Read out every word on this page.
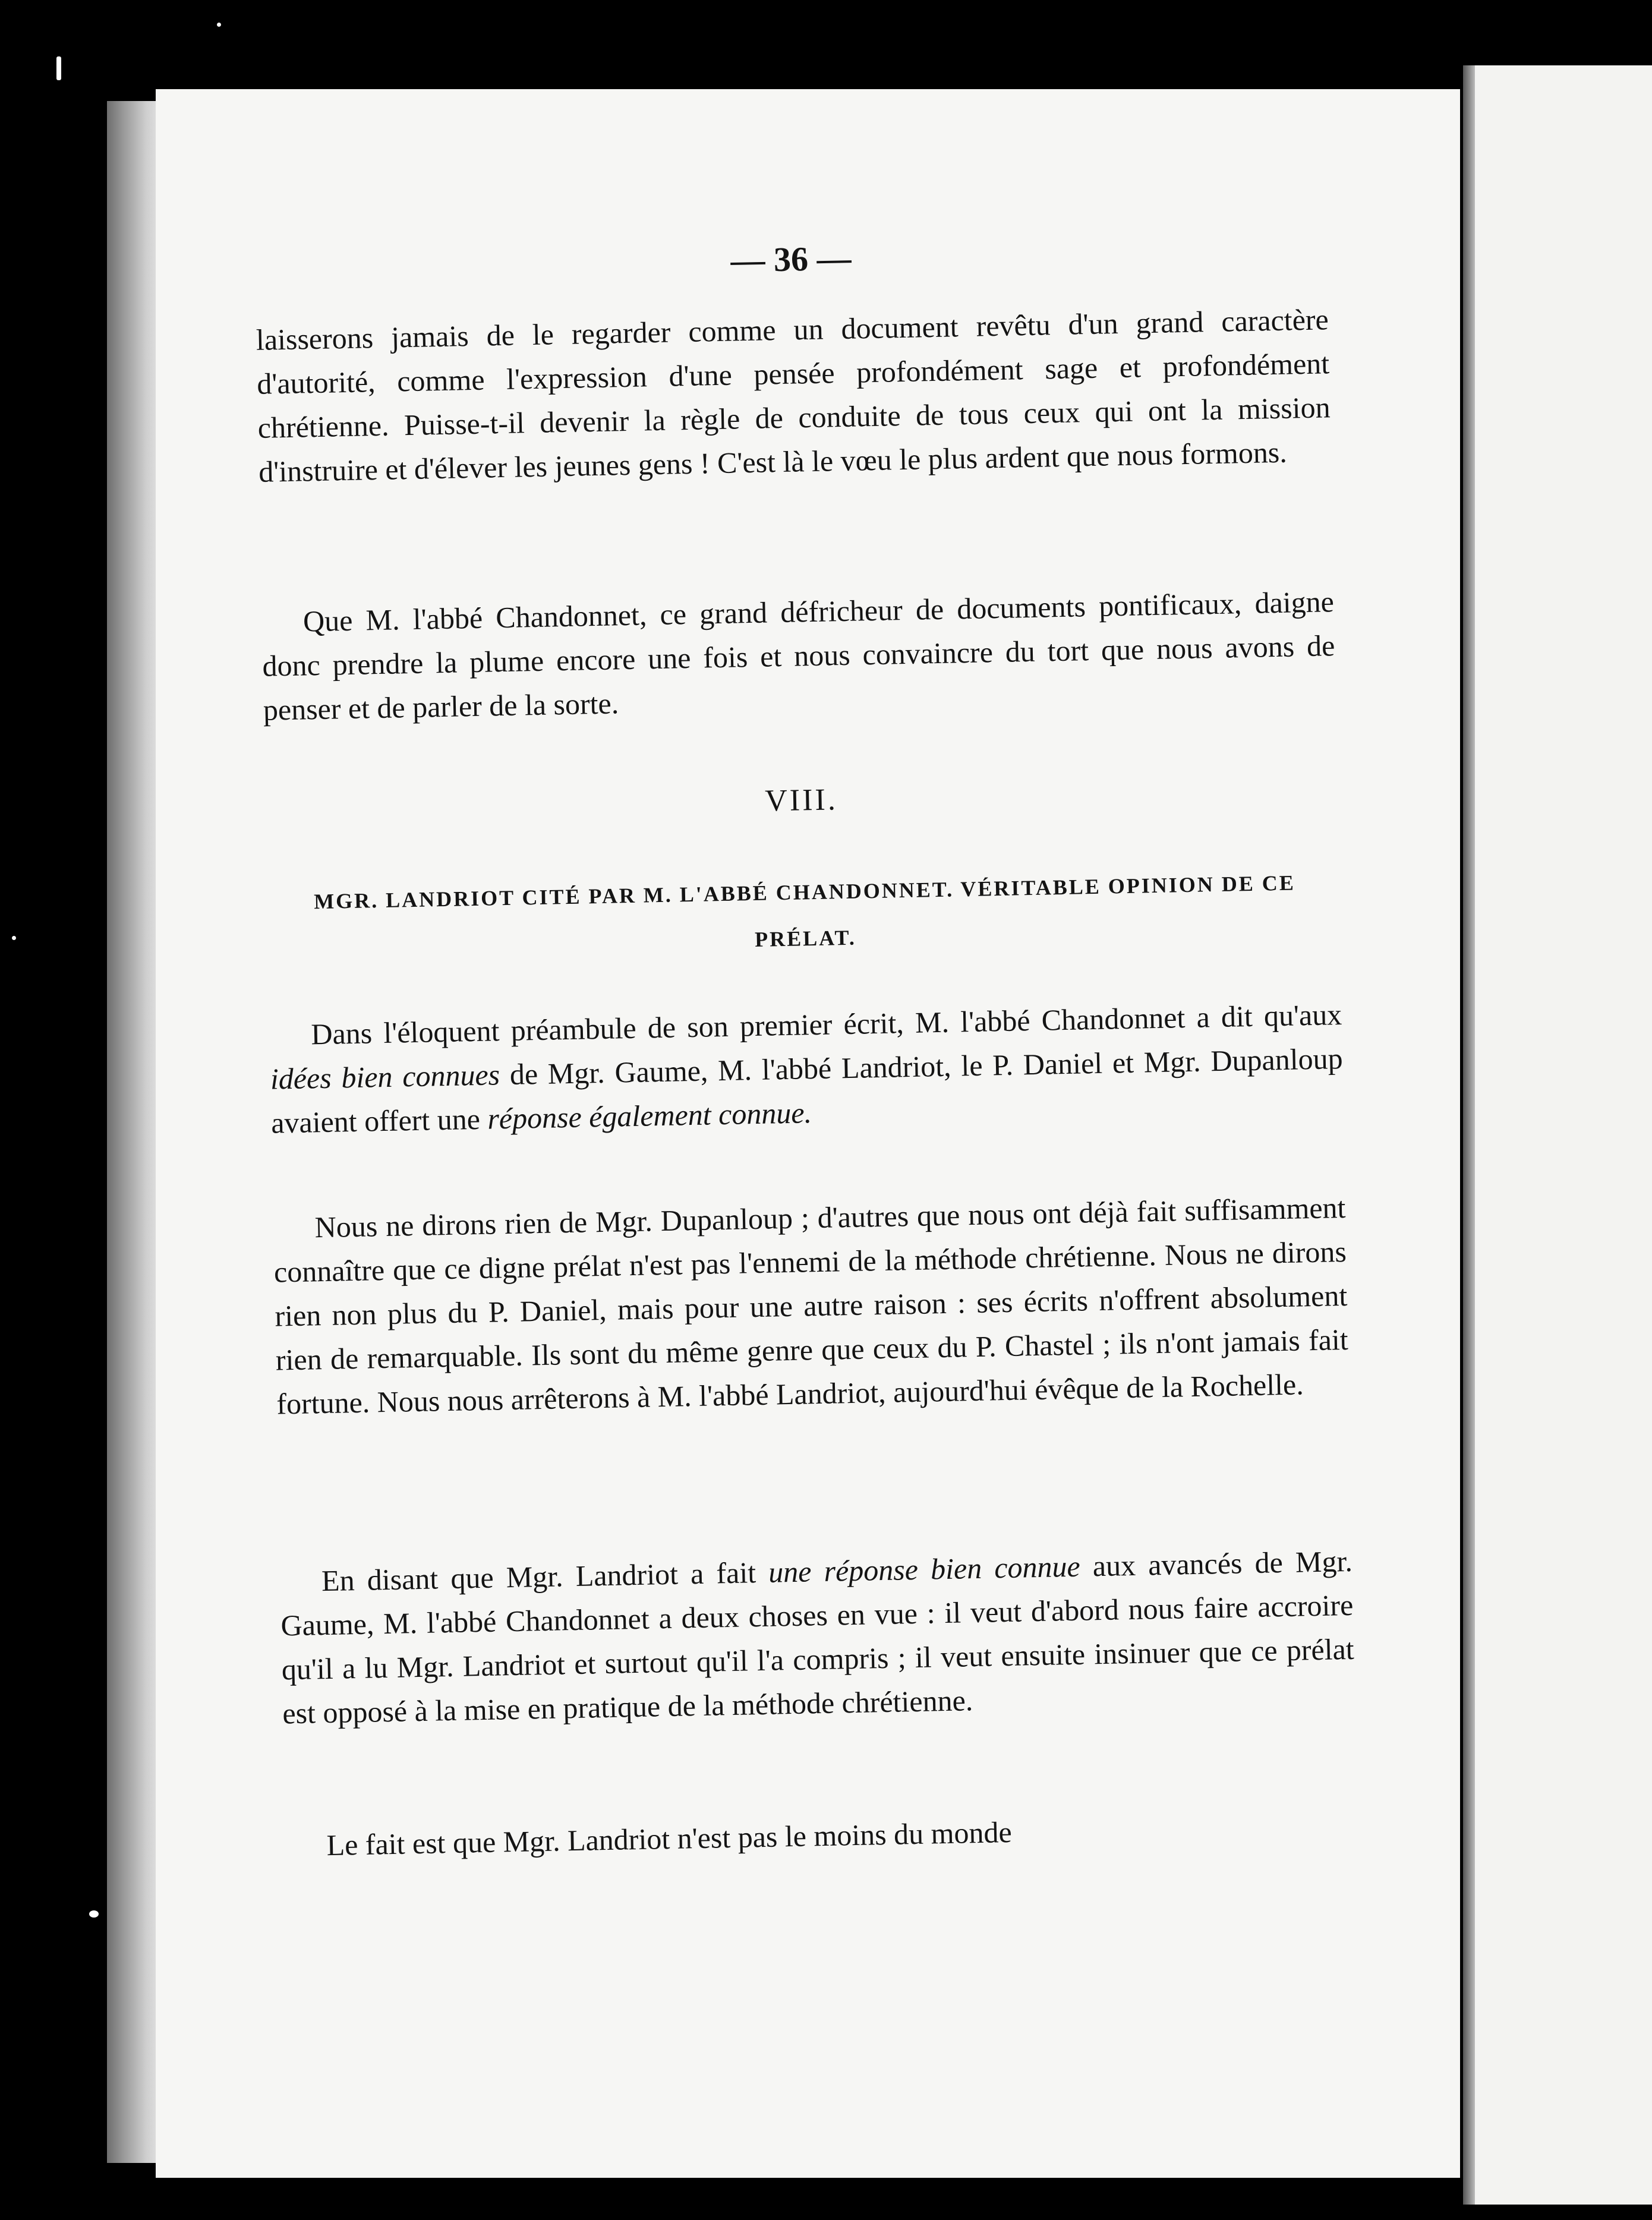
— 36 —

laisserons jamais de le regarder comme un document revêtu d'un grand caractère d'autorité, comme l'expression d'une pensée profondément sage et profondément chrétienne. Puisse-t-il devenir la règle de conduite de tous ceux qui ont la mission d'instruire et d'élever les jeunes gens ! C'est là le vœu le plus ardent que nous formons.

Que M. l'abbé Chandonnet, ce grand défricheur de documents pontificaux, daigne donc prendre la plume encore une fois et nous convaincre du tort que nous avons de penser et de parler de la sorte.

VIII.
MGR. LANDRIOT CITÉ PAR M. L'ABBÉ CHANDONNET. VÉRITABLE OPINION DE CE PRÉLAT.

Dans l'éloquent préambule de son premier écrit, M. l'abbé Chandonnet a dit qu'aux idées bien connues de Mgr. Gaume, M. l'abbé Landriot, le P. Daniel et Mgr. Dupanloup avaient offert une réponse également connue.

Nous ne dirons rien de Mgr. Dupanloup ; d'autres que nous ont déjà fait suffisamment connaître que ce digne prélat n'est pas l'ennemi de la méthode chrétienne. Nous ne dirons rien non plus du P. Daniel, mais pour une autre raison : ses écrits n'offrent absolument rien de remarquable. Ils sont du même genre que ceux du P. Chastel ; ils n'ont jamais fait fortune. Nous nous arrêterons à M. l'abbé Landriot, aujourd'hui évêque de la Rochelle.

En disant que Mgr. Landriot a fait une réponse bien connue aux avancés de Mgr. Gaume, M. l'abbé Chandonnet a deux choses en vue : il veut d'abord nous faire accroire qu'il a lu Mgr. Landriot et surtout qu'il l'a compris ; il veut ensuite insinuer que ce prélat est opposé à la mise en pratique de la méthode chrétienne.

Le fait est que Mgr. Landriot n'est pas le moins du monde
